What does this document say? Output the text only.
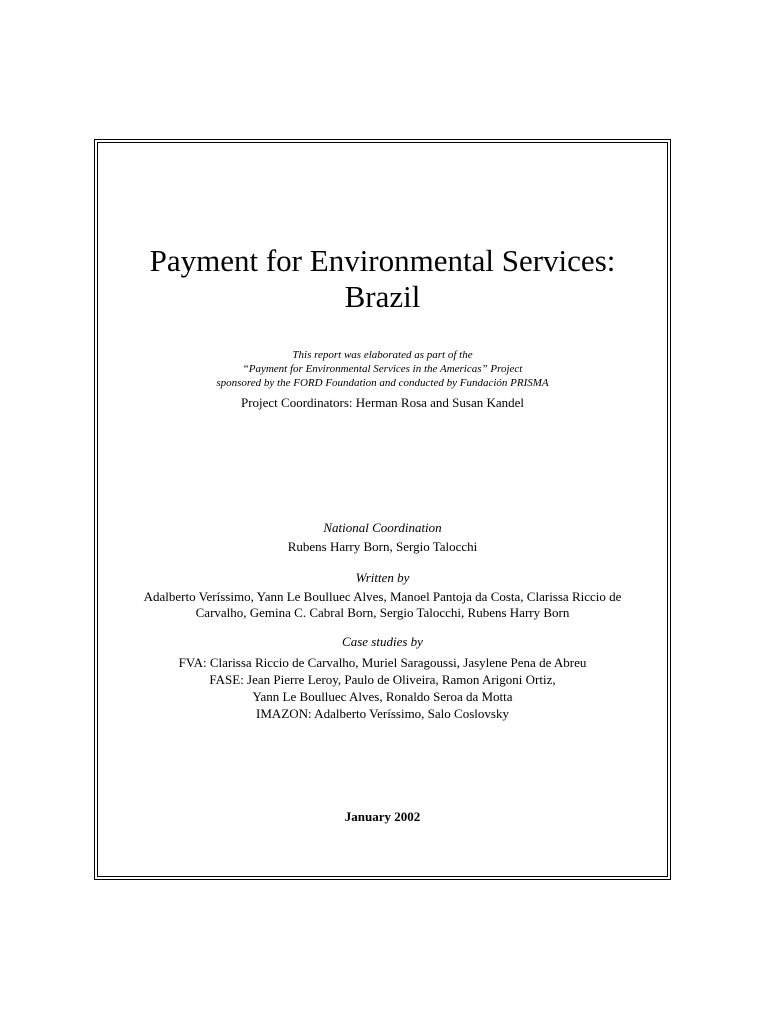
Payment for Environmental Services:
Brazil
This report was elaborated as part of the
“Payment for Environmental Services in the Americas” Project
sponsored by the FORD Foundation and conducted by Fundación PRISMA
Project Coordinators: Herman Rosa and Susan Kandel
National Coordination
Rubens Harry Born, Sergio Talocchi
Written by
Adalberto Veríssimo, Yann Le Boulluec Alves, Manoel Pantoja da Costa, Clarissa Riccio de
Carvalho, Gemina C. Cabral Born, Sergio Talocchi, Rubens Harry Born
Case studies by
FVA: Clarissa Riccio de Carvalho, Muriel Saragoussi, Jasylene Pena de Abreu
FASE: Jean Pierre Leroy, Paulo de Oliveira, Ramon Arigoni Ortiz,
Yann Le Boulluec Alves, Ronaldo Seroa da Motta
IMAZON: Adalberto Veríssimo, Salo Coslovsky
January 2002
